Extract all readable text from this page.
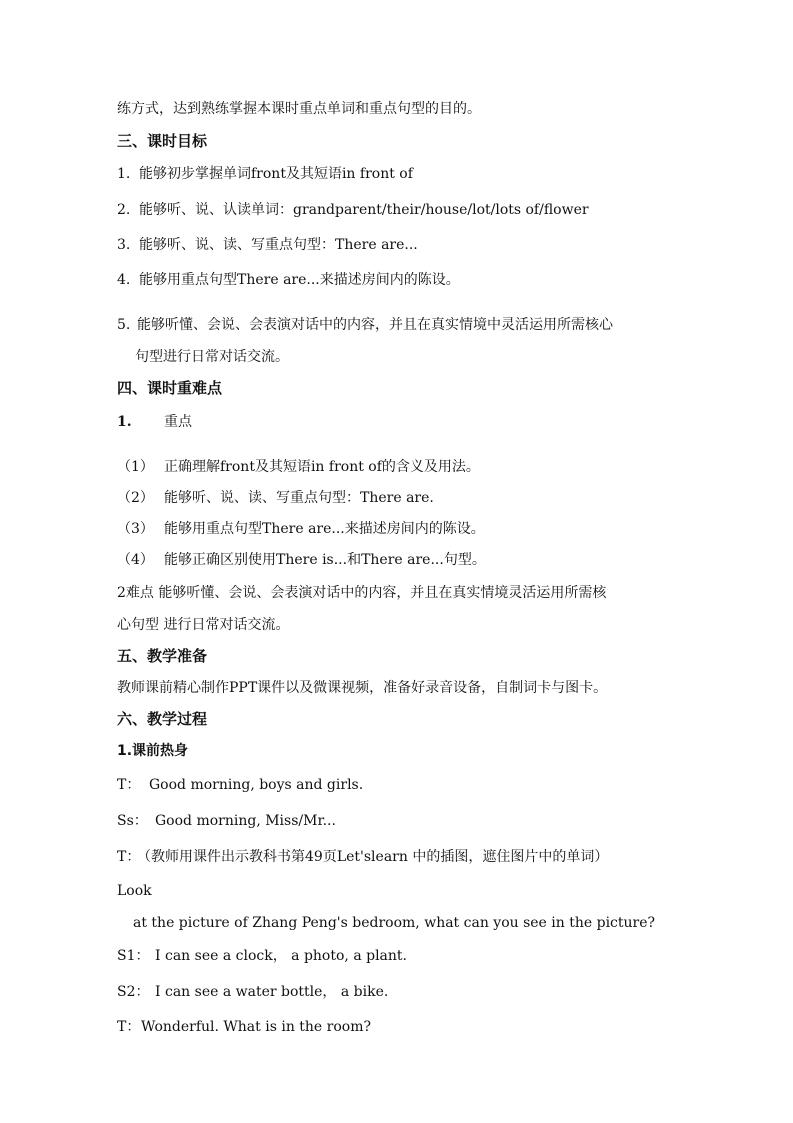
练方式，达到熟练掌握本课时重点单词和重点句型的目的。
三、课时目标
1. 能够初步掌握单词front及其短语in front of
2. 能够听、说、认读单词：grandparent/their/house/lot/lots of/flower
3. 能够听、说、读、写重点句型：There are...
4. 能够用重点句型There are...来描述房间内的陈设。
5. 能够听懂、会说、会表演对话中的内容，并且在真实情境中灵活运用所需核心
句型进行日常对话交流。
四、课时重难点
1. 重点
（1） 正确理解front及其短语in front of的含义及用法。
（2） 能够听、说、读、写重点句型：There are.
（3） 能够用重点句型There are...来描述房间内的陈设。
（4） 能够正确区别使用There is...和There are...句型。
2难点 能够听懂、会说、会表演对话中的内容，并且在真实情境灵活运用所需核
心句型 进行日常对话交流。
五、教学准备
教师课前精心制作PPT课件以及微课视频，准备好录音设备，自制词卡与图卡。
六、教学过程
1.课前热身
T： Good morning, boys and girls.
Ss： Good morning, Miss/Mr...
T：（教师用课件出示教科书第49页Let'slearn 中的插图，遮住图片中的单词）
Look
at the picture of Zhang Peng's bedroom, what can you see in the picture?
S1： I can see a clock， a photo, a plant.
S2： I can see a water bottle， a bike.
T：Wonderful. What is in the room?
